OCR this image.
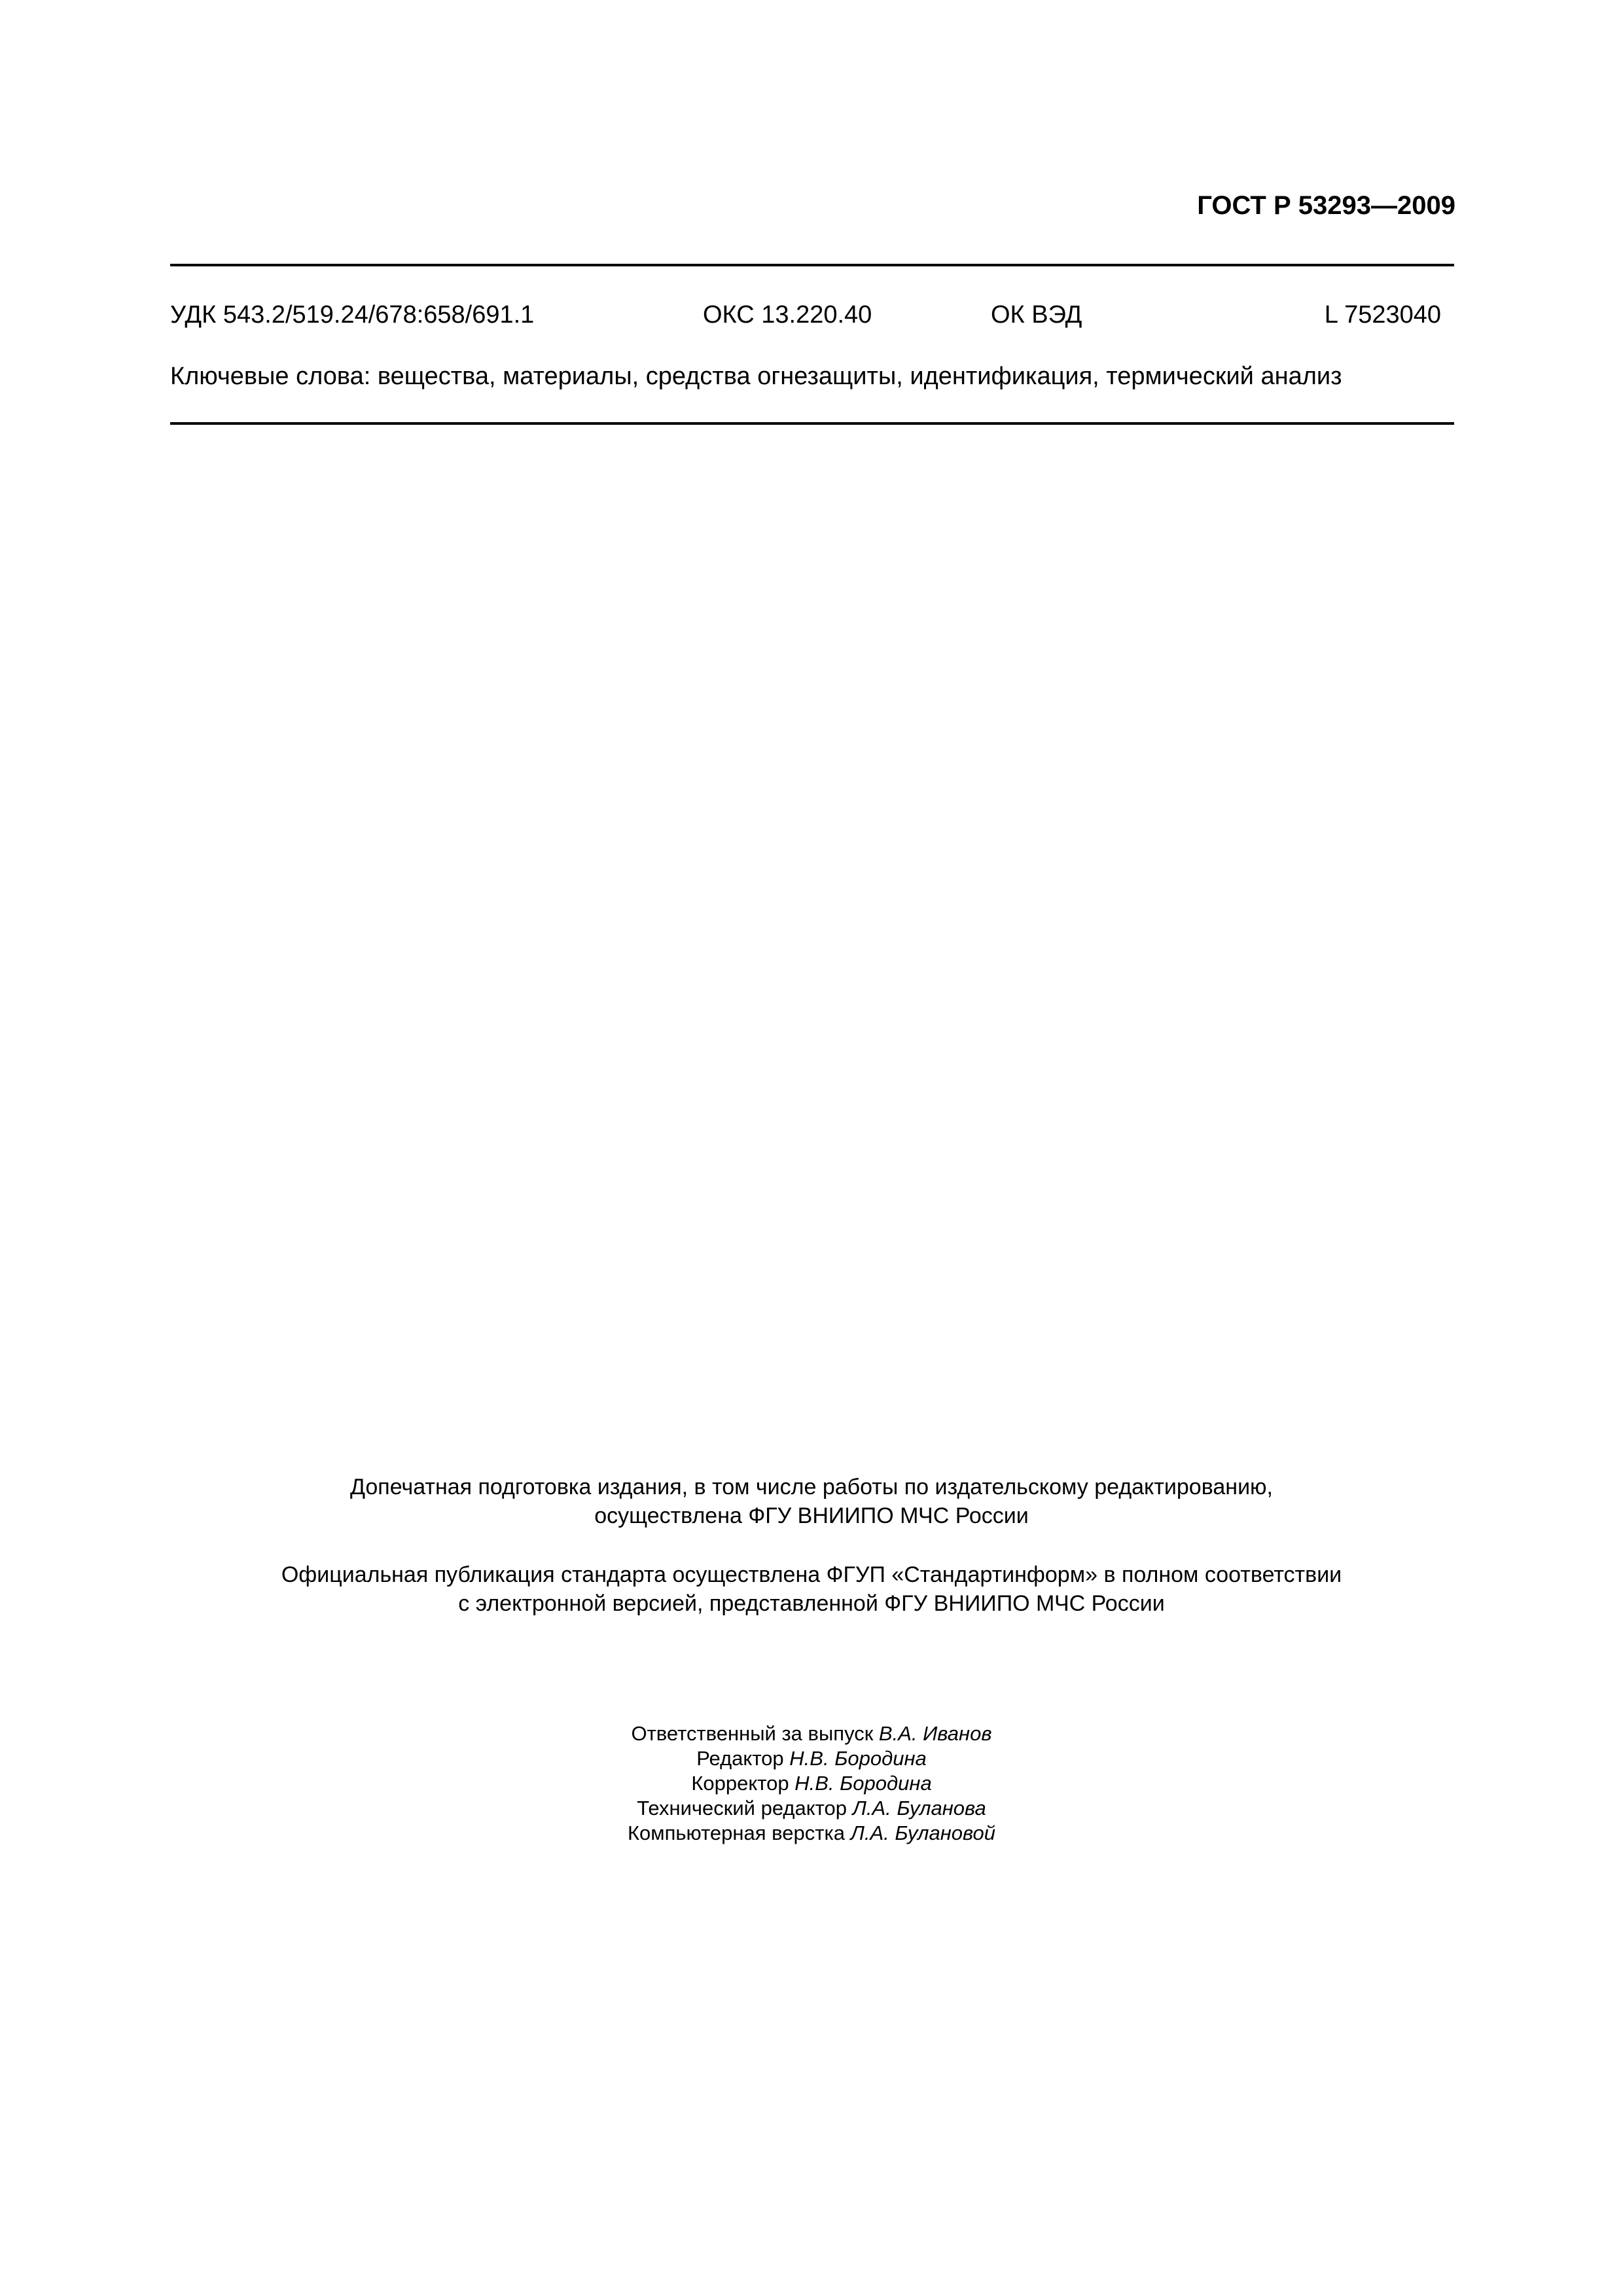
ГОСТ Р 53293—2009
УДК 543.2/519.24/678:658/691.1	ОКС 13.220.40	ОК ВЭД	L 7523040
Ключевые слова: вещества, материалы, средства огнезащиты, идентификация, термический анализ

Допечатная подготовка издания, в том числе работы по издательскому редактированию,

осуществлена ФГУ ВНИИПО МЧС России

Официальная публикация стандарта осуществлена ФГУП «Стандартинформ» в полном соответствии

с электронной версией, представленной ФГУ ВНИИПО МЧС России

Ответственный за выпуск В.А. Иванов

Редактор Н.В. Бородина

Корректор Н.В. Бородина

Технический редактор Л.А. Буланова

Компьютерная верстка Л.А. Булановой
